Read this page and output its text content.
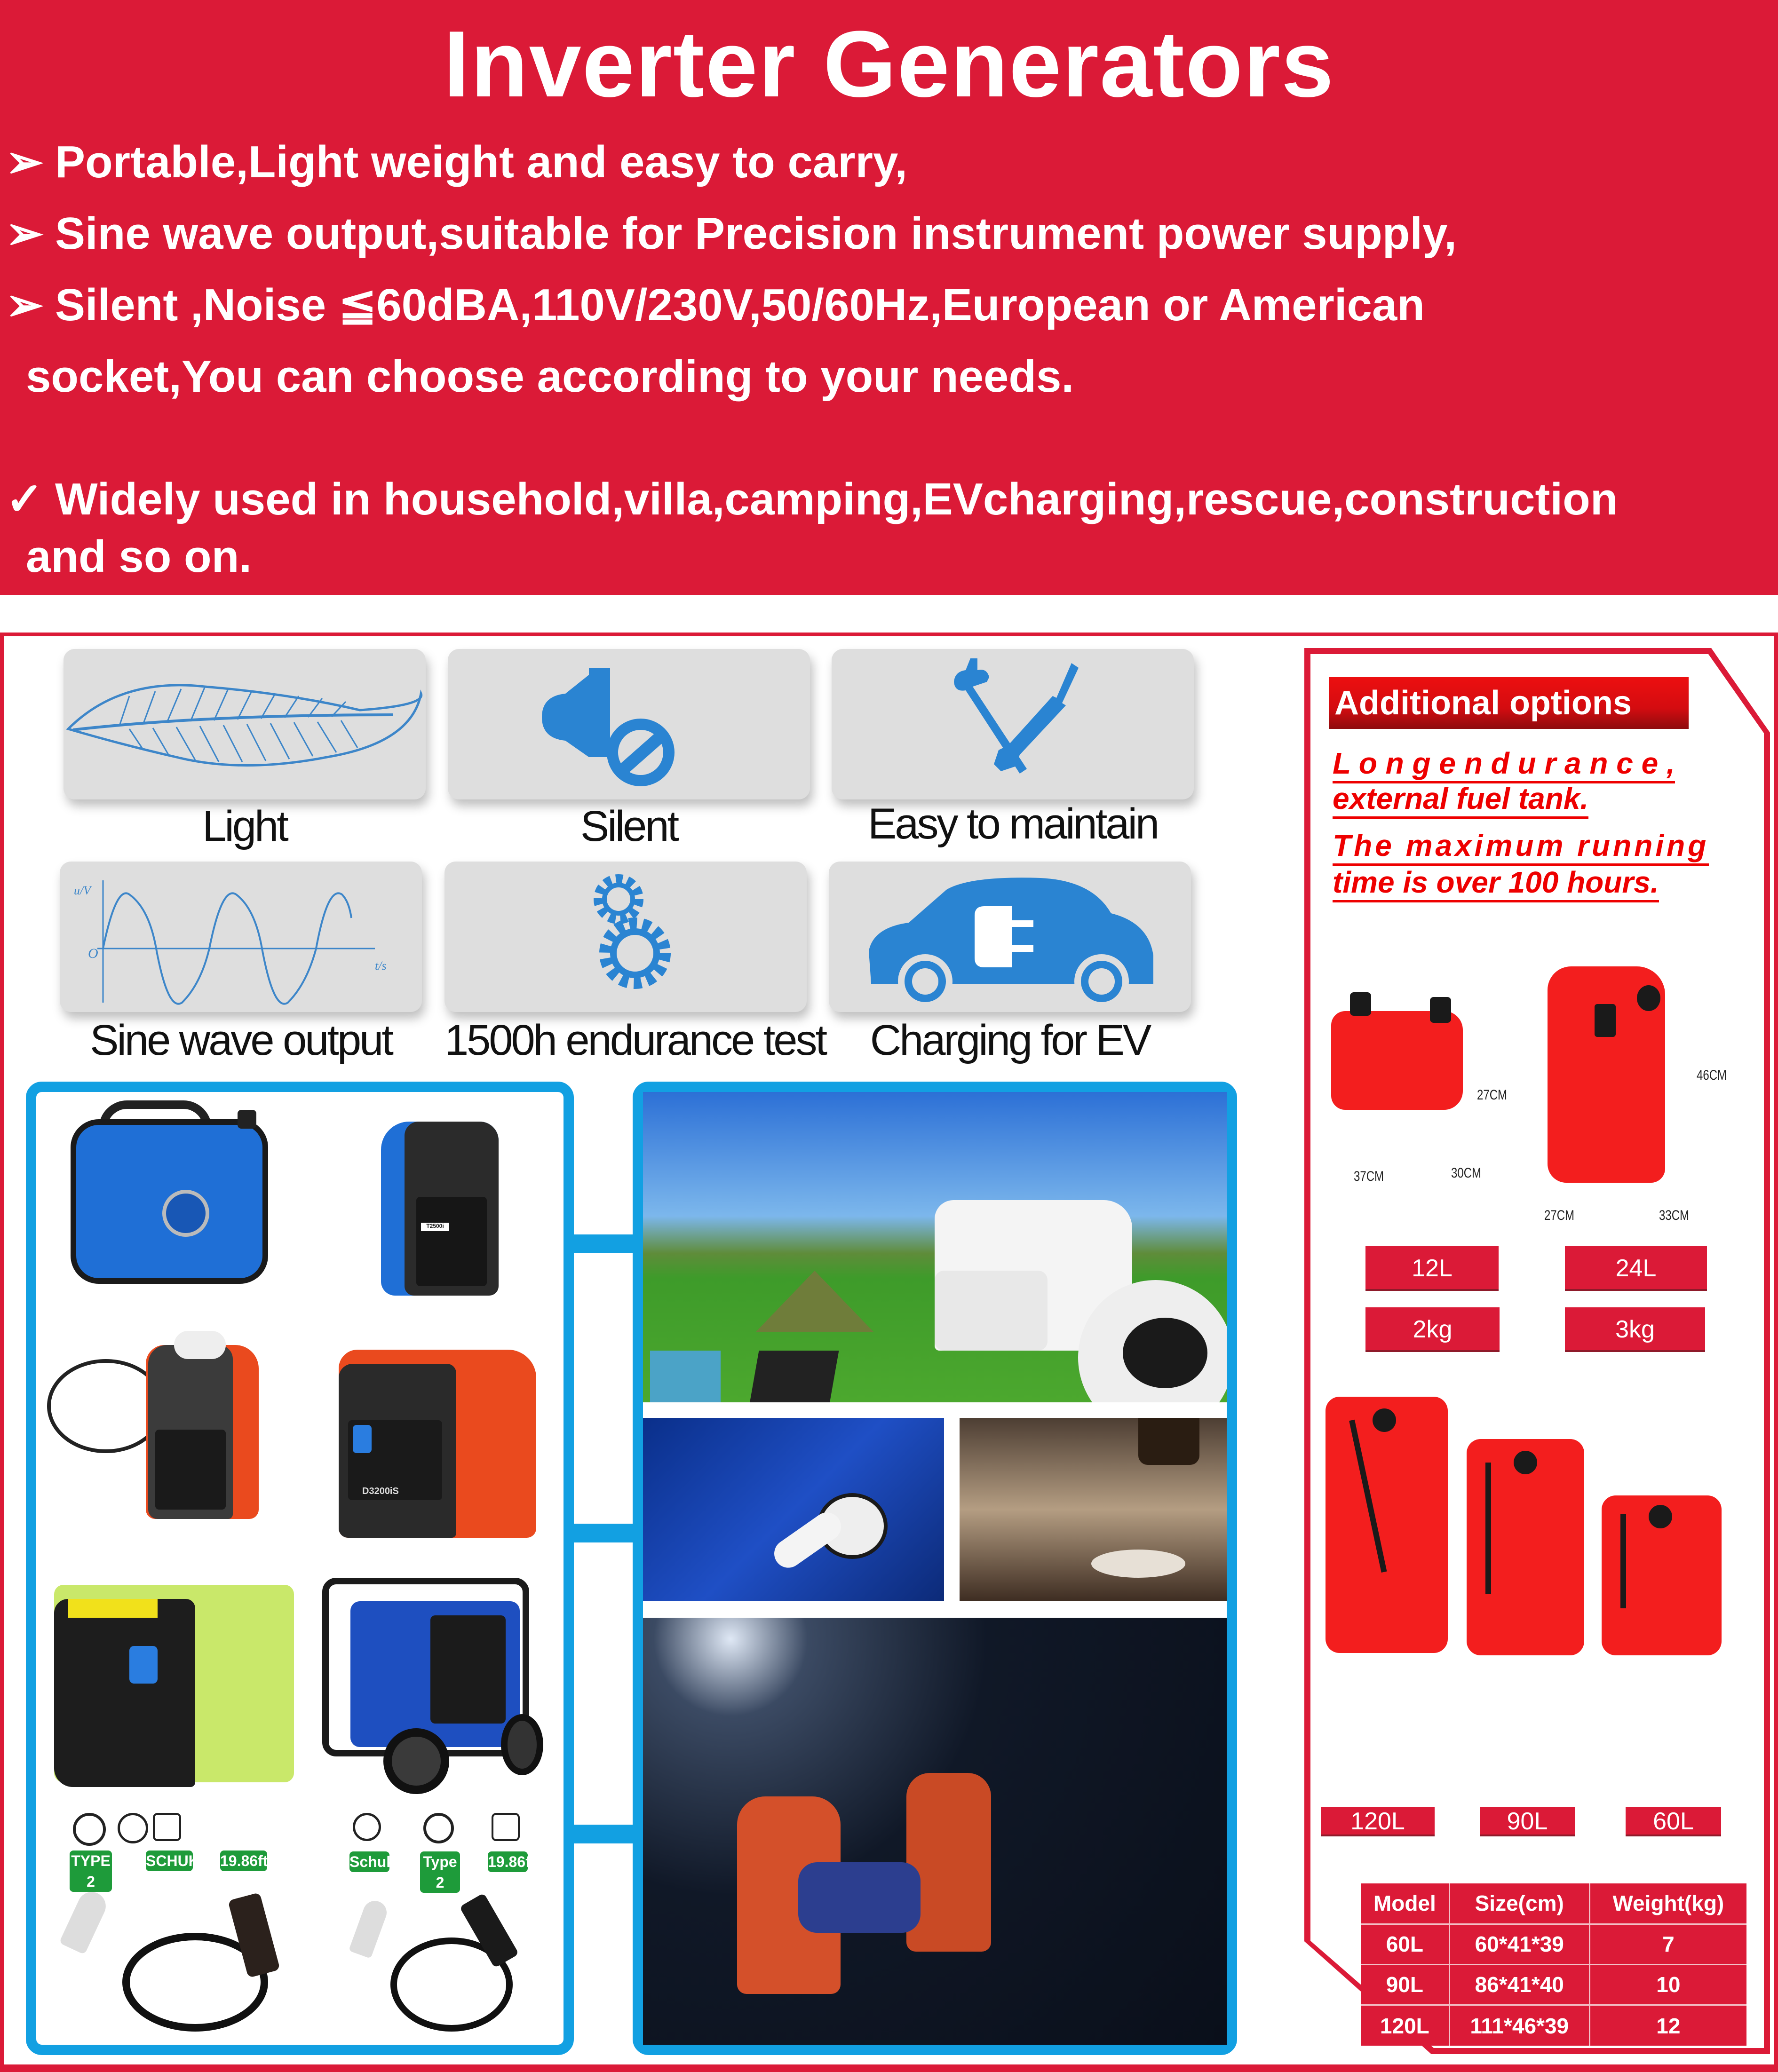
Inverter Generators
➢ Portable,Light weight and easy to carry,
➢ Sine wave output,suitable for Precision instrument power supply,
➢ Silent ,Noise ≦60dBA,110V/230V,50/60Hz,European or American
socket,You can choose according to your needs.
✓ Widely used in household,villa,camping,EVcharging,rescue,construction
and so on.
Light	Silent	Easy to maintain
u/V
t/s
O
Sine wave output	1500h endurance test	Charging for EV
T2500i
D3200iS
TYPE 2
SCHUKO 19.86ft	Schukou Type 2
19.86ft
Additional options
L o n g e n d u r a n c e ,
external fuel tank.
The maximum running
time is over 100 hours.
27CM
37CM	30CM
46CM
27CM	33CM
12L	24L
2kg	3kg
120L	90L	60L
Model	Size(cm)	Weight(kg)
60L	60*41*39	7
90L	86*41*40	10
120L	111*46*39	12
